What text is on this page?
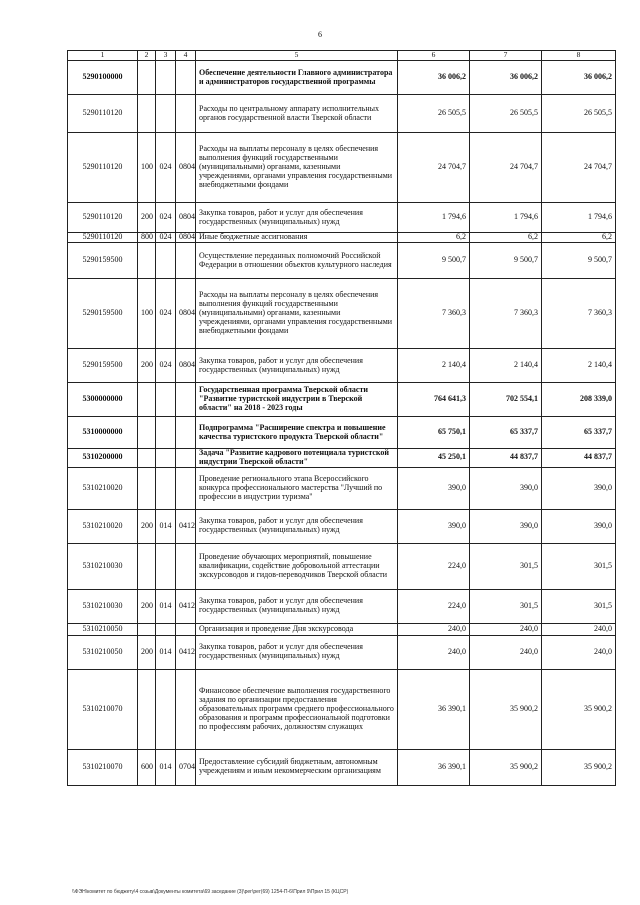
6
1	2	3	4	5	6	7	8
5290100000				Обеспечение деятельности Главного администратора и администраторов государственной программы	36 006,2	36 006,2	36 006,2
5290110120				Расходы по центральному аппарату исполнительных органов государственной власти Тверской области	26 505,5	26 505,5	26 505,5
5290110120	100	024	0804	Расходы на выплаты персоналу в целях обеспечения выполнения функций государственными (муниципальными) органами, казенными учреждениями, органами управления государственными внебюджетными фондами	24 704,7	24 704,7	24 704,7
5290110120	200	024	0804	Закупка товаров, работ и услуг для обеспечения государственных (муниципальных) нужд	1 794,6	1 794,6	1 794,6
5290110120	800	024	0804	Иные бюджетные ассигнования	6,2	6,2	6,2
5290159500				Осуществление переданных полномочий Российской Федерации в отношении объектов культурного наследия	9 500,7	9 500,7	9 500,7
5290159500	100	024	0804	Расходы на выплаты персоналу в целях обеспечения выполнения функций государственными (муниципальными) органами, казенными учреждениями, органами управления государственными внебюджетными фондами	7 360,3	7 360,3	7 360,3
5290159500	200	024	0804	Закупка товаров, работ и услуг для обеспечения государственных (муниципальных) нужд	2 140,4	2 140,4	2 140,4
5300000000				Государственная программа Тверской области "Развитие туристской индустрии в Тверской области" на 2018 - 2023 годы	764 641,3	702 554,1	208 339,0
5310000000				Подпрограмма "Расширение спектра и повышение качества туристского продукта Тверской области"	65 750,1	65 337,7	65 337,7
5310200000				Задача "Развитие кадрового потенциала туристской индустрии Тверской области"	45 250,1	44 837,7	44 837,7
5310210020				Проведение регионального этапа Всероссийского конкурса профессионального мастерства "Лучший по профессии в индустрии туризма"	390,0	390,0	390,0
5310210020	200	014	0412	Закупка товаров, работ и услуг для обеспечения государственных (муниципальных) нужд	390,0	390,0	390,0
5310210030				Проведение обучающих мероприятий, повышение квалификации, содействие добровольной аттестации экскурсоводов и гидов-переводчиков Тверской области	224,0	301,5	301,5
5310210030	200	014	0412	Закупка товаров, работ и услуг для обеспечения государственных (муниципальных) нужд	224,0	301,5	301,5
5310210050				Организация и проведение Дня экскурсовода	240,0	240,0	240,0
5310210050	200	014	0412	Закупка товаров, работ и услуг для обеспечения государственных (муниципальных) нужд	240,0	240,0	240,0
5310210070				Финансовое обеспечение выполнения государственного задания по организации предоставления образовательных программ среднего профессионального образования и программ профессиональной подготовки по профессиям рабочих, должностям служащих	36 390,1	35 900,2	35 900,2
5310210070	600	014	0704	Предоставление субсидий бюджетным, автономным учреждениям и иным некоммерческим организациям	36 390,1	35 900,2	35 900,2
\\ФЭН\комитет по бюджету\4 созыв\Документы комитета\69 заседание (3)\рег\рег(69) 1254-П-6\Прил 9\Прил 15 (КЦСР)
